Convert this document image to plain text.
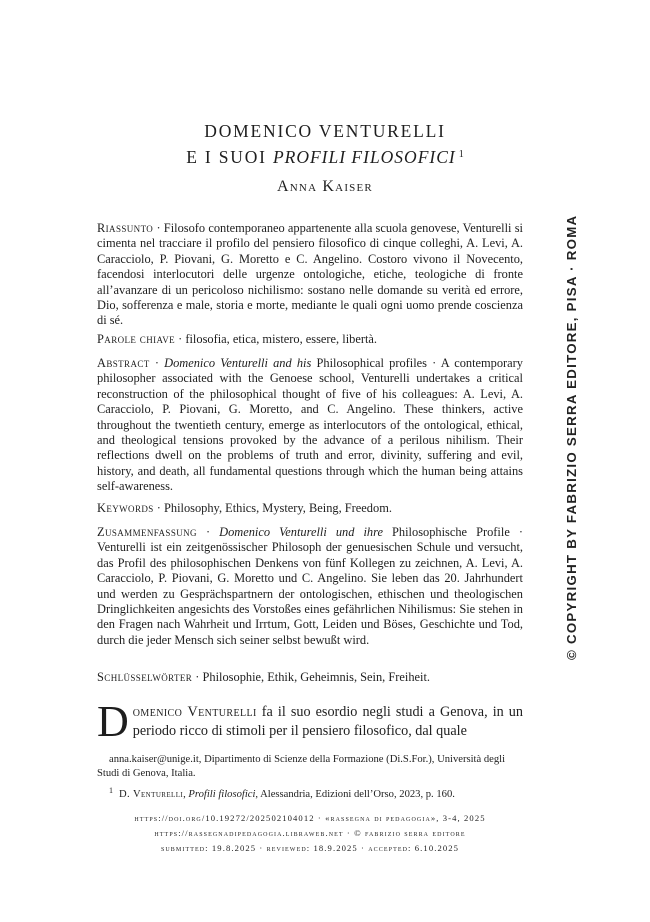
DOMENICO VENTURELLI
E I SUOI PROFILI FILOSOFICI $^1$
Anna Kaiser

Riassunto · Filosofo contemporaneo appartenente alla scuola genovese, Venturelli si cimenta nel tracciare il profilo del pensiero filosofico di cinque colleghi, A. Levi, A. Caracciolo, P. Piovani, G. Moretto e C. Angelino. Costoro vivono il Novecento, facendosi interlocutori delle urgenze ontologiche, etiche, teologiche di fronte all’avanzare di un pericoloso nichilismo: sostano nelle domande su verità ed errore, Dio, sofferenza e male, storia e morte, mediante le quali ogni uomo prende coscienza di sé.

Parole chiave · filosofia, etica, mistero, essere, libertà.

Abstract · Domenico Venturelli and his Philosophical profiles · A contemporary philosopher associated with the Genoese school, Venturelli undertakes a critical reconstruction of the philosophical thought of five of his colleagues: A. Levi, A. Caracciolo, P. Piovani, G. Moretto, and C. Angelino. These thinkers, active throughout the twentieth century, emerge as interlocutors of the ontological, ethical, and theological tensions provoked by the advance of a perilous nihilism. Their reflections dwell on the problems of truth and error, divinity, suffering and evil, history, and death, all fundamental questions through which the human being attains self-awareness.

Keywords · Philosophy, Ethics, Mystery, Being, Freedom.

Zusammenfassung · Domenico Venturelli und ihre Philosophische Profile · Venturelli ist ein zeitgenössischer Philosoph der genuesischen Schule und versucht, das Profil des philosophischen Denkens von fünf Kollegen zu zeichnen, A. Levi, A. Caracciolo, P. Piovani, G. Moretto und C. Angelino. Sie leben das 20. Jahrhundert und werden zu Gesprächspartnern der ontologischen, ethischen und theologischen Dringlichkeiten angesichts des Vorstoßes eines gefährlichen Nihilismus: Sie stehen in den Fragen nach Wahrheit und Irrtum, Gott, Leiden und Böses, Geschichte und Tod, durch die jeder Mensch sich seiner selbst bewußt wird.

Schlüsselwörter · Philosophie, Ethik, Geheimnis, Sein, Freiheit.

Domenico Venturelli fa il suo esordio negli studi a Genova, in un periodo ricco di stimoli per il pensiero filosofico, dal quale

anna.kaiser@unige.it, Dipartimento di Scienze della Formazione (Di.S.For.), Università degli Studi di Genova, Italia.

$^1$ D. Venturelli, Profili filosofici, Alessandria, Edizioni dell’Orso, 2023, p. 160.

https://doi.org/10.19272/202502104012 · «rassegna di pedagogia», 3-4, 2025
https://rassegnadipedagogia.libraweb.net · © fabrizio serra editore
submitted: 19.8.2025 · reviewed: 18.9.2025 · accepted: 6.10.2025
© COPYRIGHT BY FABRIZIO SERRA EDITORE, PISA · ROMA
